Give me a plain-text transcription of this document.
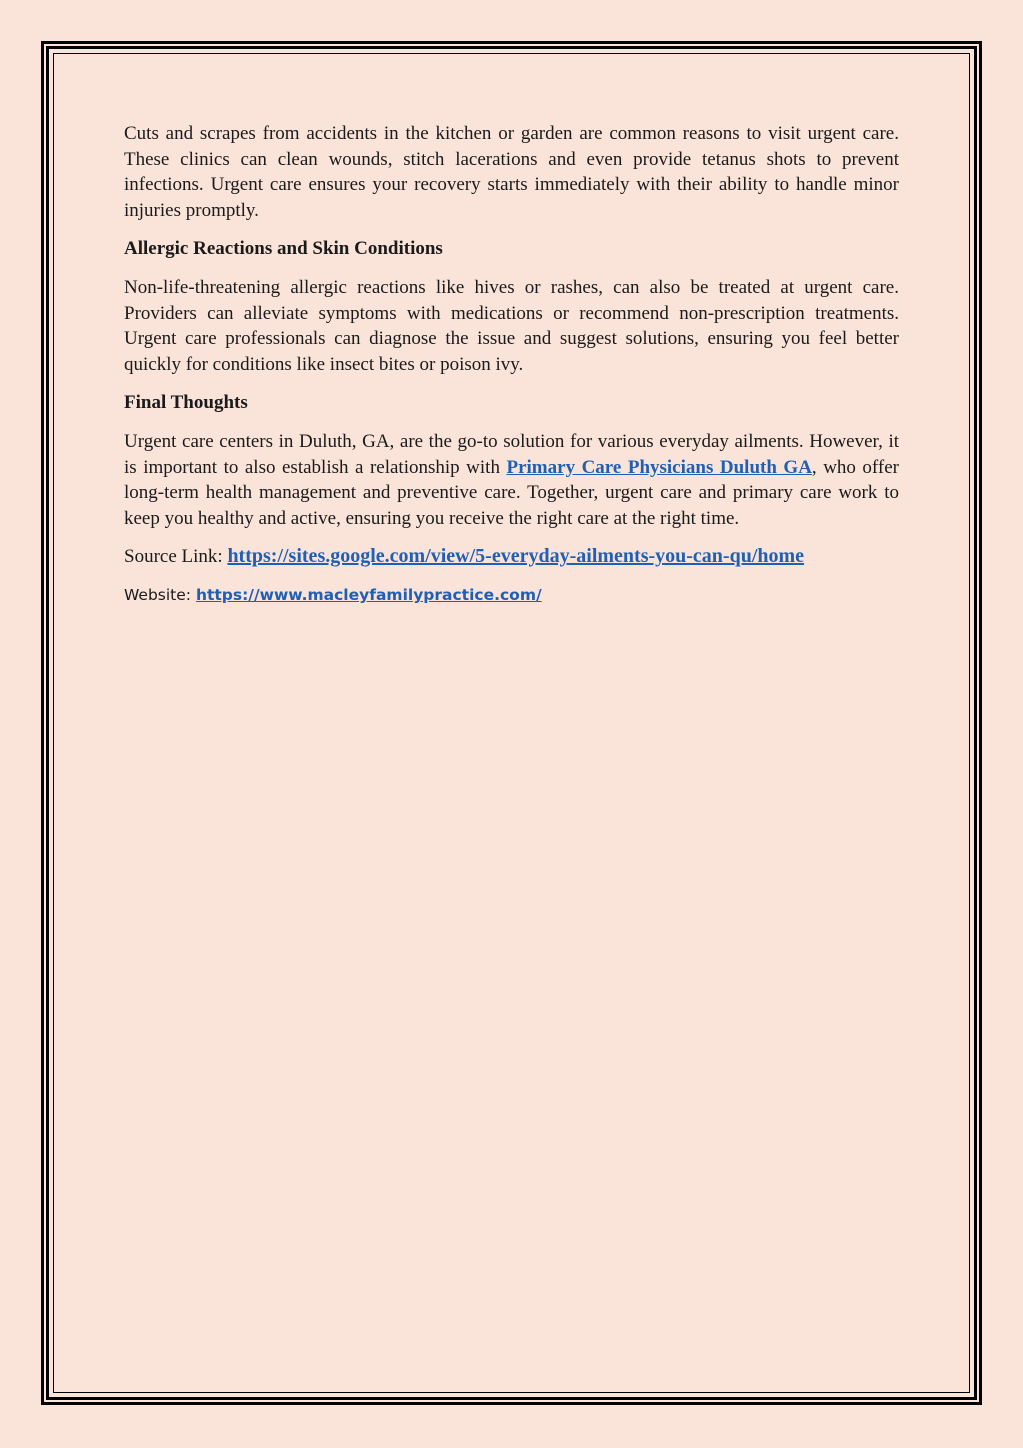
Cuts and scrapes from accidents in the kitchen or garden are common reasons to visit urgent care. These clinics can clean wounds, stitch lacerations and even provide tetanus shots to prevent infections. Urgent care ensures your recovery starts immediately with their ability to handle minor injuries promptly.

Allergic Reactions and Skin Conditions

Non-life-threatening allergic reactions like hives or rashes, can also be treated at urgent care. Providers can alleviate symptoms with medications or recommend non-prescription treatments. Urgent care professionals can diagnose the issue and suggest solutions, ensuring you feel better quickly for conditions like insect bites or poison ivy.

Final Thoughts

Urgent care centers in Duluth, GA, are the go-to solution for various everyday ailments. However, it is important to also establish a relationship with Primary Care Physicians Duluth GA, who offer long-term health management and preventive care. Together, urgent care and primary care work to keep you healthy and active, ensuring you receive the right care at the right time.

Source Link: https://sites.google.com/view/5-everyday-ailments-you-can-qu/home
Website: https://www.macleyfamilypractice.com/
